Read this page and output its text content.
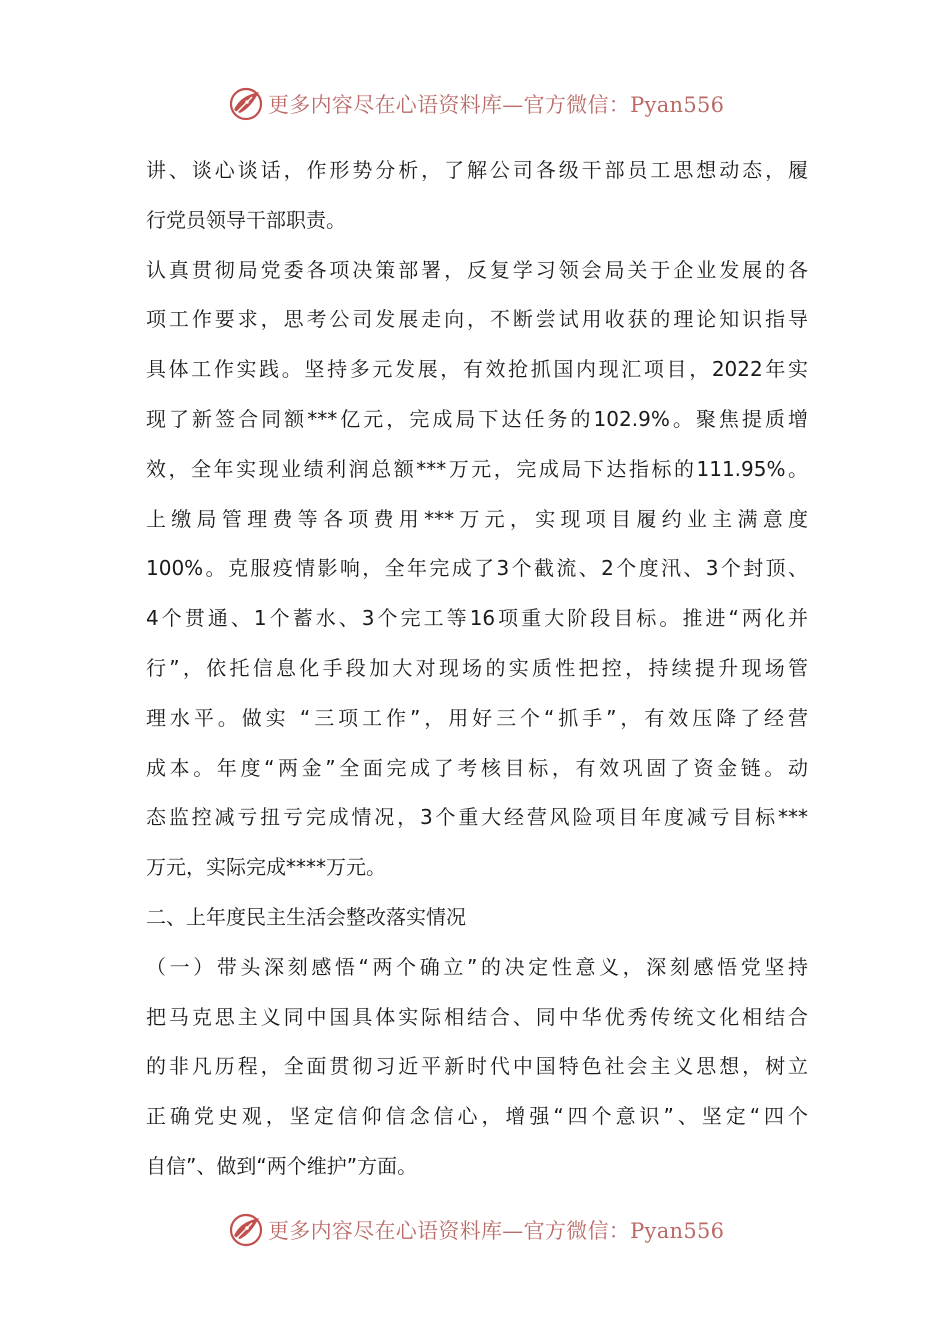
更多内容尽在心语资料库—官方微信：Pyan556

讲、谈心谈话，作形势分析，了解公司各级干部员工思想动态，履
行党员领导干部职责。

认真贯彻局党委各项决策部署，反复学习领会局关于企业发展的各
项工作要求，思考公司发展走向，不断尝试用收获的理论知识指导
具体工作实践。坚持多元发展，有效抢抓国内现汇项目，2022年实
现了新签合同额***亿元，完成局下达任务的102.9%。聚焦提质增
效，全年实现业绩利润总额***万元，完成局下达指标的111.95%。
上缴局管理费等各项费用***万元，实现项目履约业主满意度
100%。克服疫情影响，全年完成了3个截流、2个度汛、3个封顶、
4个贯通、1个蓄水、3个完工等16项重大阶段目标。推进“两化并
行”，依托信息化手段加大对现场的实质性把控，持续提升现场管
理水平。做实 “三项工作”，用好三个“抓手”，有效压降了经营
成本。年度“两金”全面完成了考核目标，有效巩固了资金链。动
态监控减亏扭亏完成情况，3个重大经营风险项目年度减亏目标***
万元，实际完成****万元。

二、上年度民主生活会整改落实情况

（一）带头深刻感悟“两个确立”的决定性意义，深刻感悟党坚持
把马克思主义同中国具体实际相结合、同中华优秀传统文化相结合
的非凡历程，全面贯彻习近平新时代中国特色社会主义思想，树立
正确党史观，坚定信仰信念信心，增强“四个意识”、坚定“四个
自信”、做到“两个维护”方面。

更多内容尽在心语资料库—官方微信：Pyan556
